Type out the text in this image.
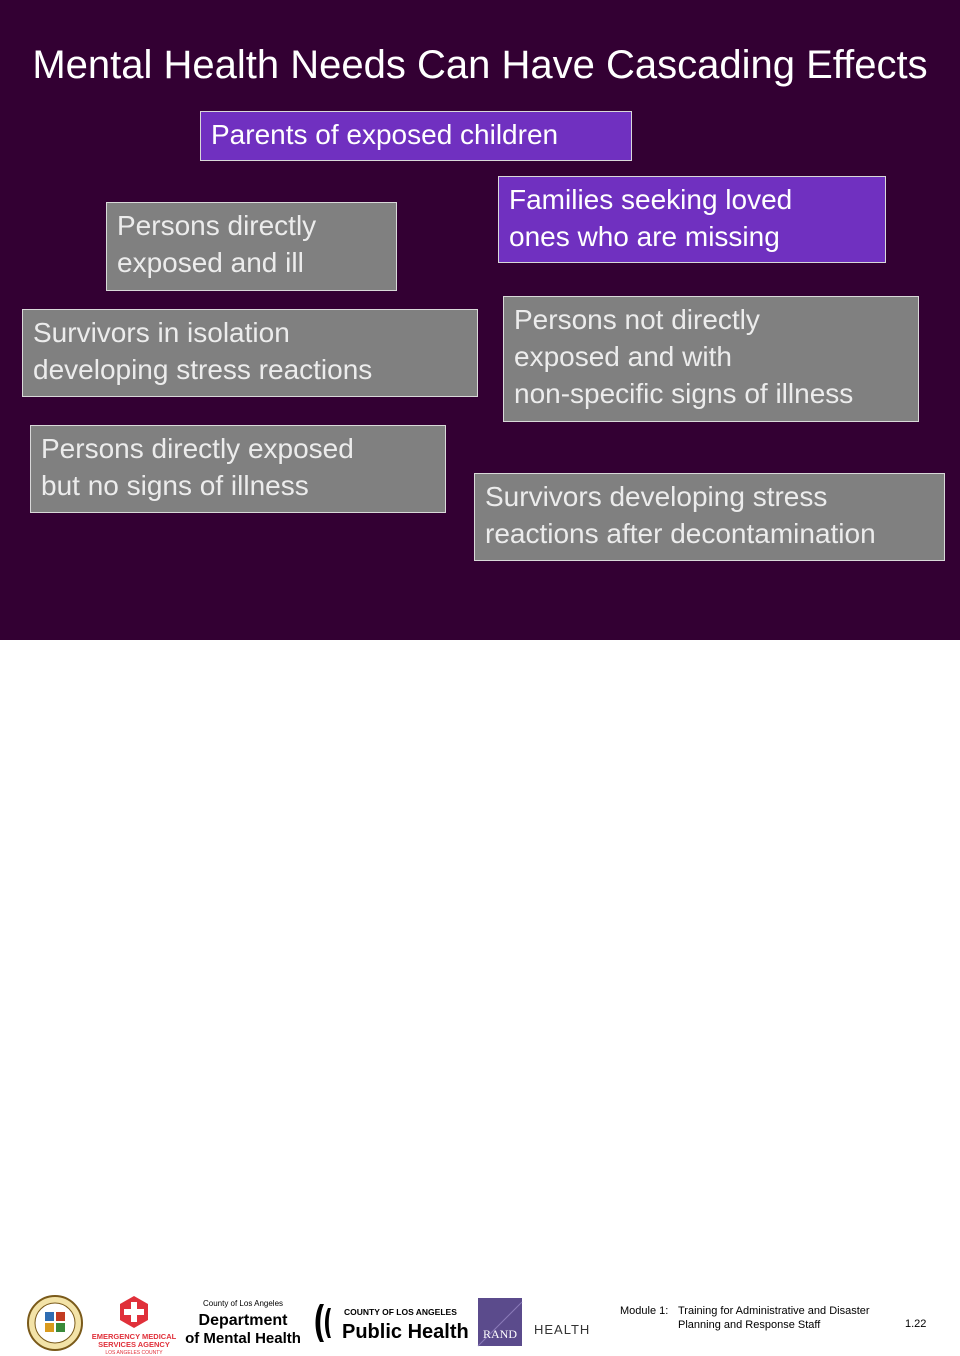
Mental Health Needs Can Have Cascading Effects
Parents of exposed children
Families seeking loved
ones who are missing
Persons directly
exposed and ill
Survivors in isolation
developing stress reactions
Persons not directly
exposed and with
non-specific signs of illness
Persons directly exposed
but no signs of illness	Survivors developing stress
reactions after decontamination
EMERGENCY MEDICAL
SERVICES AGENCY
LOS ANGELES COUNTY
County of Los Angeles
Department
of Mental Health
COUNTY OF LOS ANGELES
Public Health RAND HEALTH

Module 1: Training for Administrative and Disaster
Planning and Response Staff	1.22
